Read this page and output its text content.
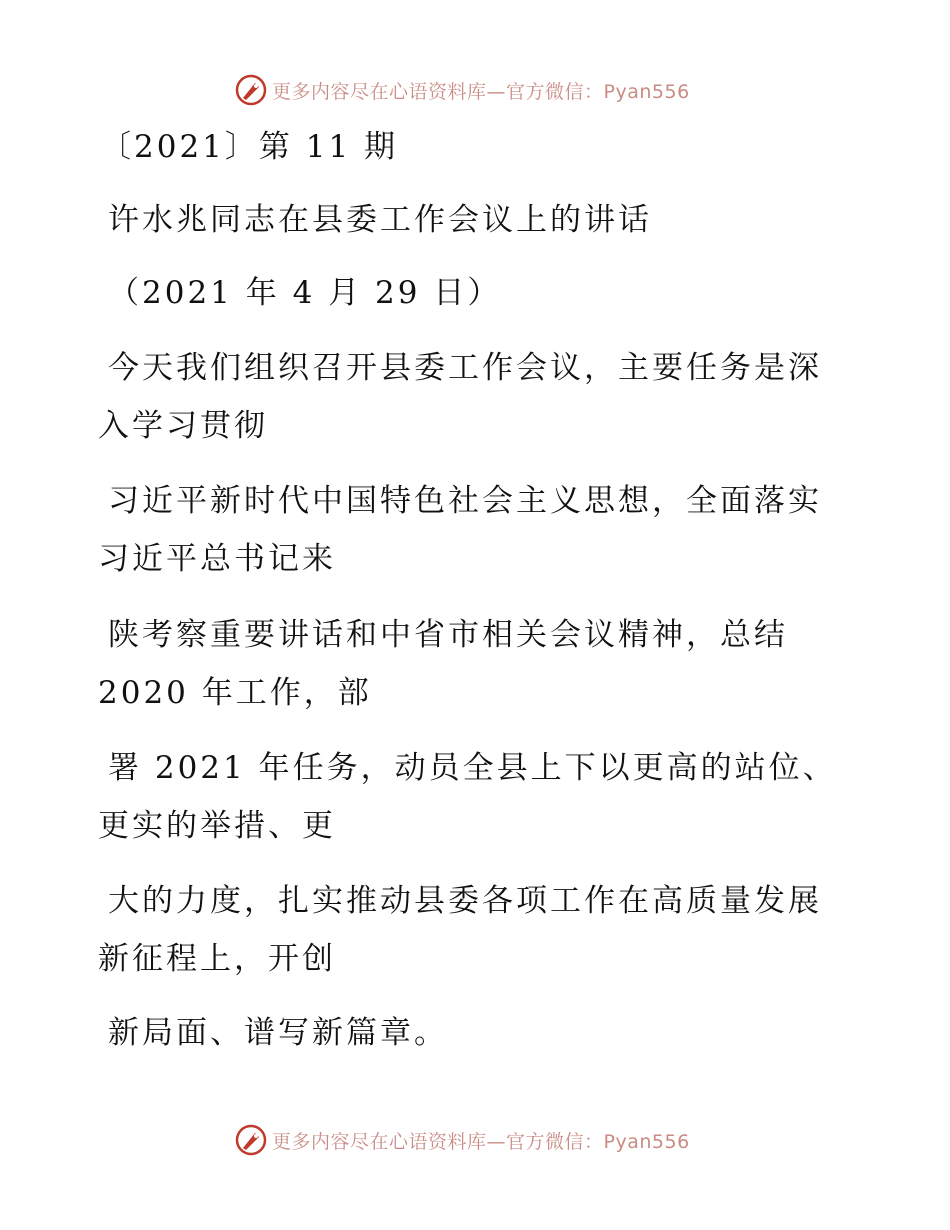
更多内容尽在心语资料库—官方微信：Pyan556
〔2021〕第 11 期
许水兆同志在县委工作会议上的讲话
（2021 年 4 月 29 日）
今天我们组织召开县委工作会议，主要任务是深
入学习贯彻
习近平新时代中国特色社会主义思想，全面落实
习近平总书记来
陕考察重要讲话和中省市相关会议精神，总结
2020 年工作，部
署 2021 年任务，动员全县上下以更高的站位、
更实的举措、更
大的力度，扎实推动县委各项工作在高质量发展
新征程上，开创
新局面、谱写新篇章。
更多内容尽在心语资料库—官方微信：Pyan556
